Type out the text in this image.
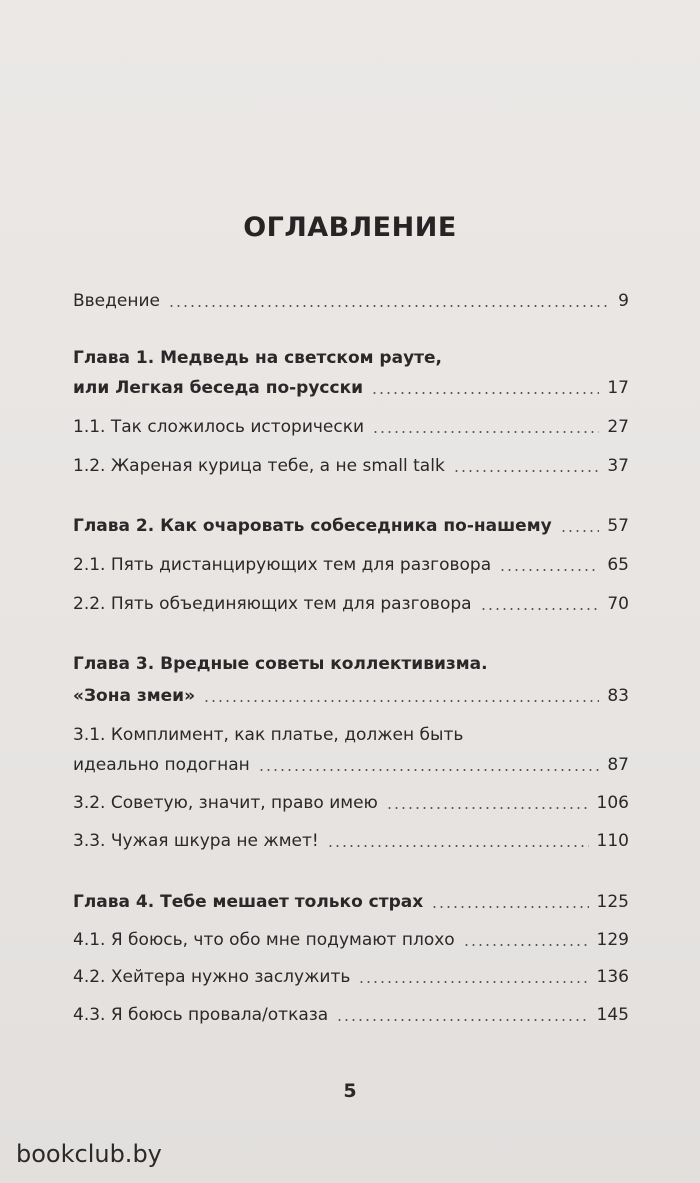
ОГЛАВЛЕНИЕ
Введение	9
Глава 1. Медведь на светском рауте,
или Легкая беседа по-русски	17
1.1. Так сложилось исторически	27
1.2. Жареная курица тебе, а не small talk	37
Глава 2. Как очаровать собеседника по-нашему	57
2.1. Пять дистанцирующих тем для разговора	65
2.2. Пять объединяющих тем для разговора	70
Глава 3. Вредные советы коллективизма.
«Зона змеи»	83
3.1. Комплимент, как платье, должен быть
идеально подогнан	87
3.2. Советую, значит, право имею	106
3.3. Чужая шкура не жмет!	110
Глава 4. Тебе мешает только страх	125
4.1. Я боюсь, что обо мне подумают плохо	129
4.2. Хейтера нужно заслужить	136
4.3. Я боюсь провала/отказа	145
5
bookclub.by
